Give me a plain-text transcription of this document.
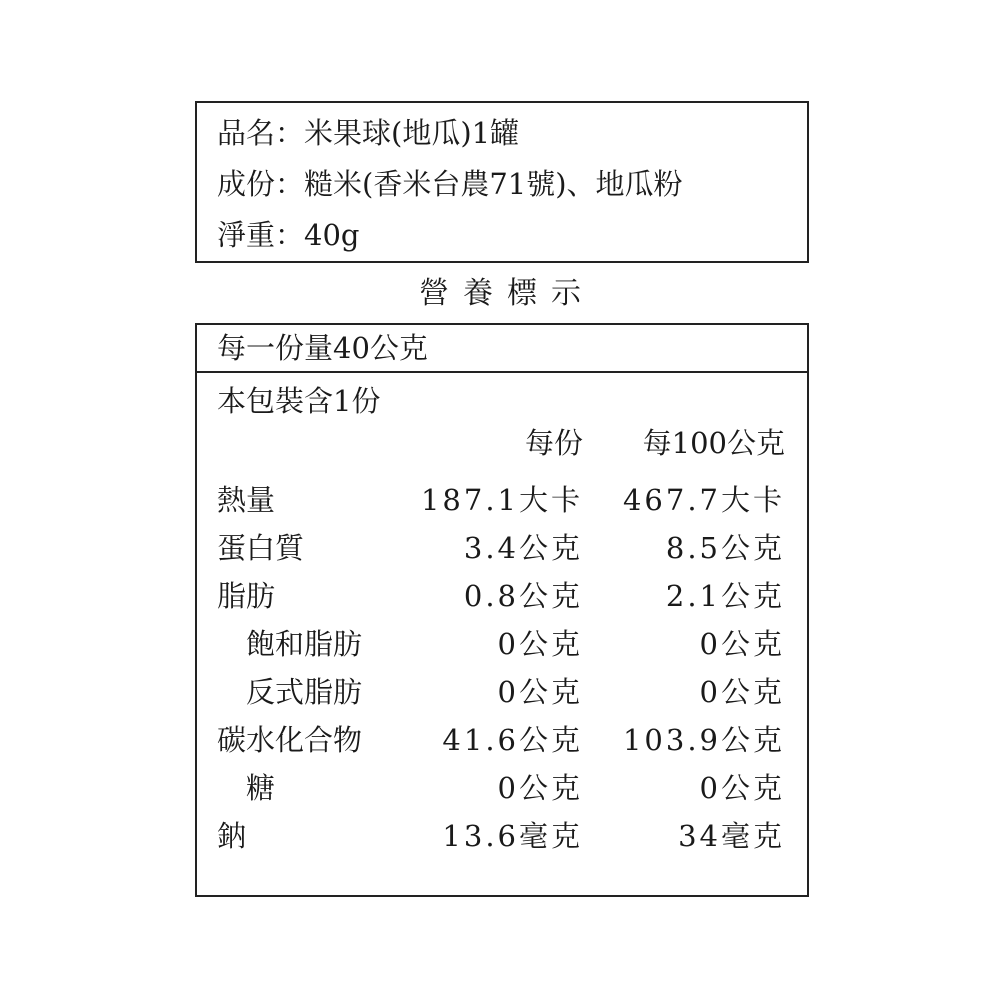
品名：米果球(地瓜)1罐
成份：糙米(香米台農71號)、地瓜粉
淨重：40g
營養標示
每一份量40公克
本包裝含1份
每份 每100公克
熱量	187.1大卡 467.7大卡
蛋白質	3.4公克	8.5公克
脂肪	0.8公克	2.1公克
飽和脂肪	0公克	0公克
反式脂肪	0公克	0公克
碳水化合物	41.6公克 103.9公克
糖	0公克	0公克
鈉	13.6毫克	34毫克
